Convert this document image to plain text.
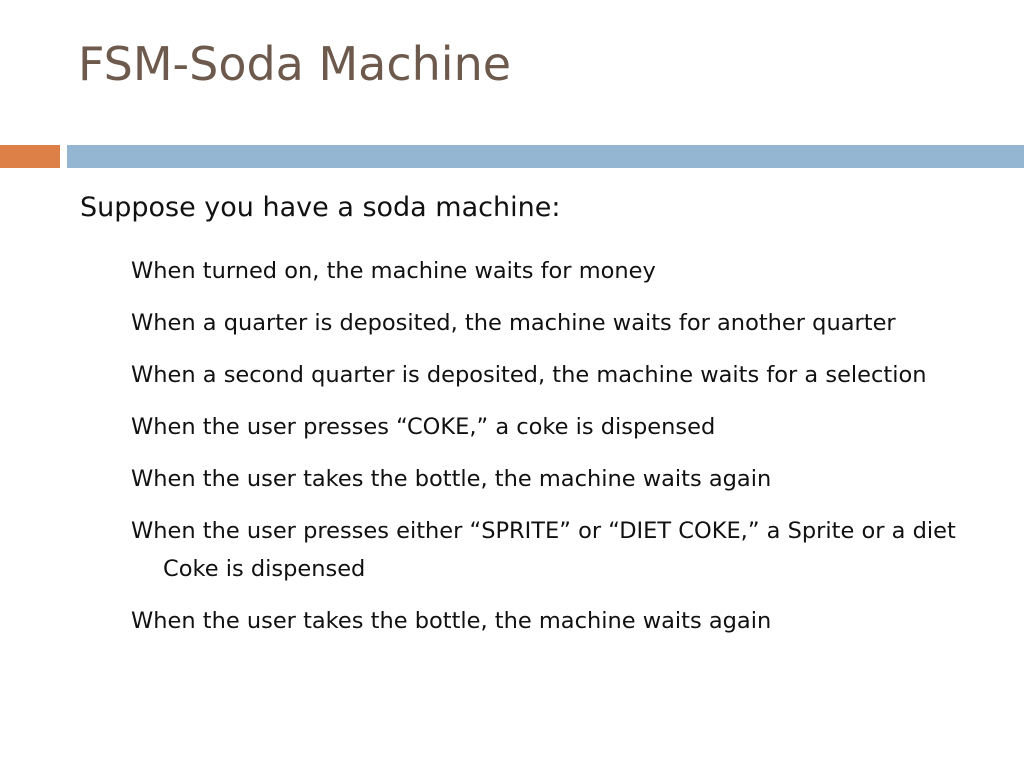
FSM-Soda Machine

Suppose you have a soda machine:

When turned on, the machine waits for money
When a quarter is deposited, the machine waits for another quarter
When a second quarter is deposited, the machine waits for a selection
When the user presses “COKE,” a coke is dispensed
When the user takes the bottle, the machine waits again
When the user presses either “SPRITE” or “DIET COKE,” a Sprite or a diet Coke is dispensed
When the user takes the bottle, the machine waits again
